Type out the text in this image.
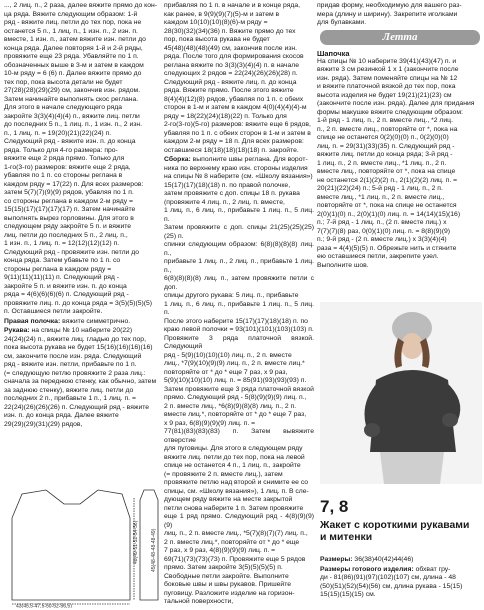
..., 2 лиц. п., 2 раза, далее вяжите прямо до кон-
ца ряда. Вяжите следующим образом: 1-й
ряд - вяжите лиц. петли до тех пор, пока не
останется 5 п., 1 лиц. п., 1 изн. п., 2 изн. п.
вместе, 1 изн. п., затем вяжите изн. петли до
конца ряда. Далее повторяя 1-й и 2-й ряды,
провяжите еще 23 ряда. Убавляйте по 1 п.
обозначенных выше в 3-м и затем в каждом
10-м ряду = 6 (6) п. Далее вяжите прямо до
тех пор, пока высота детали не будет
27(28)(28)(29)(29) см, закончив изн. рядом.
Затем начинайте выполнять скос реглана.
Для этого в начале следующего ряда
закройте 3(3)(4)(4)(4) п., вяжите лиц. петли
до последних 5 п., 1 лиц. п., 1 изн. п., 2 изн.
п., 1 лиц. п. = 19(20)(21)(22)(24) п.
Следующий ряд - вяжите изн. п. до конца
ряда. Только для 4-го размера: про-
вяжите еще 2 ряда прямо. Только для
1-го(3-го) размеров: вяжите еще 2 ряда,
убавляя по 1 п. со стороны реглана в
каждом ряду = 17(22) п. Для всех размеров:
затем 5(7)(7)(9)(9) рядов, убавляя по 1 п.
со стороны реглана в каждом 2-м ряду =
15(15)(17)(17)(17)(17) п. Затем начинайте
выполнять вырез горловины. Для этого в
следующем ряду закройте 5 п. и вяжите
лиц. петли до последних 5 п., 2 лиц. п.,
1 изн. п., 1 лиц. п. = 12(12)(12)(12) п.
Следующий ряд - провяжите изн. петли до
конца ряда. Затем убавьте по 1 п. со
стороны реглана в каждом ряду =
9(11)(11)(11)(11) п. Следующий ряд -
закройте 5 п. и вяжите изн. п. до конца
ряда = 4(6)(6)(6)(6) п. Следующий ряд -
провяжите лиц. п. до конца ряда = 3(5)(5)(5)(5)
п. Оставшиеся петли закройте.

Правая полочка: вяжите симметрично.

Рукава: на спицы № 10 наберите 20(22)
24(24)(24) п., вяжите лиц. гладью до тех пор,
пока высота рукава не будет 15(16)(16)(16)(16)
см, закончите после изн. ряда. Следующий
ряд - вяжите изн. петли, прибавьте по 1 п.
(= следующую петлю провяжите 2 раза лиц.:
сначала за переднюю стенку, как обычно, затем
за заднюю стенку), вяжите лиц. петли до
последних 2 п., прибавьте 1 п., 1 лиц. п. =
22(24)(26)(26)(26) п. Следующий ряд - вяжите
изн. п. до конца ряда. Далее вяжите
29(29)(29)(31)(29) рядов,

48(49-51-52-54-56) 45(48-48-48-48-49)
43(45,5-47,5-50-52-56,5)

прибавляя по 1 п. в начале и в конце ряда,
как ранее, в 9(9)(9)(7)(5)-м и затем в
каждом 10(10)(10)(8)(6)-м ряду =
28(30)(32)(34)(36) п. Вяжите прямо до тех
пор, пока высота рукава не будет
45(48)(48)(48)(49) см, закончив после изн.
ряда. После того для формирования скосов
реглана вяжите по 3(3)(3)(4)(4) п. в начале
следующих 2 рядов = 22(24)(26)(26)(28) п.
Следующий ряд - вяжите лиц. п. до конца
ряда. Вяжите прямо. После этого вяжите
8(4)(4)(12)(8) рядов, убавляя по 1 п. с обеих
сторон в 1-м и затем в каждом 4(0)(4)(4)(4)-м
ряду = 18(22)(24)(18)(22) п. Только для
2-го(3-го)(5-го) размеров: вяжите еще 6 рядов,
убавляя по 1 п. с обеих сторон в 1-м и затем в
каждом 2-м ряду = 18 п. Для всех размеров:
оставшиеся 18(18)(18)(18)(18) п. закройте.

Сборка: выполните швы реглана. Для ворот-
ника по верхнему краю изн. стороны изделия
на спицы № 8 наберите (см. «Школу вязания»)
15(17)(17)(18)(18) п. по правой полочке,
затем провяжите с доп. спицы 18 п. рукава
(провяжите 4 лиц. п., 2 лиц. п. вместе,
1 лиц. п., 6 лиц. п., прибавьте 1 лиц. п., 5 лиц. п.
Затем провяжите с доп. спицы 21(25)(25)(25)(25) п.
спинки следующим образом: 6(8)(8)(8)(8) лиц. п.,
прибавьте 1 лиц. п., 2 лиц. п., прибавьте 1 лиц. п.,
6(8)(8)(8)(8) лиц. п., затем провяжите петли с доп.
спицы другого рукава: 5 лиц. п., прибавьте
1 лиц. п., 6 лиц. п., прибавьте 1 лиц. п., 5 лиц. п.
После этого наберите 15(17)(17)(18)(18) п. по
краю левой полочки = 93(101)(101)(103)(103) п.
Провяжите 3 ряда платочной вязкой. Следующий
ряд - 5(9)(10)(10)(10) лиц. п., 2 п. вместе
лиц., *7(9)(10)(9)(9) лиц. п., 2 п. вместе лиц.*
повторяйте от * до * еще 7 раз, x 9 раз,
5(9)(10)(10)(10) лиц. п. = 85(91)(93)(93)(93) п.
Затем провяжите еще 3 ряда платочной вязкой
прямо. Следующий ряд - 5(8)(9)(9)(9) лиц. п.,
2 п. вместе лиц., *6(8)(9)(8)(8) лиц. п., 2 п.
вместе лиц.*, повторяйте от * до * еще 7 раз,
x 9 раз, 6(8)(9)(9)(9) лиц. п. =
77(81)(83)(83)(83) п. Затем вывяжите отверстие
для пуговицы. Для этого в следующем ряду
вяжите лиц. петли до тех пор, пока на левой
спице не останется 4 п., 1 лиц. п., закройте
(= провяжите 2 п. вместе лиц.), затем
провяжите петлю над второй и снимите ее со
спицы, см. «Школу вязания»), 1 лиц. п. В сле-
дующем ряду вяжите на месте закрытой
петли снова наберите 1 п. Затем провяжите
еще 1 ряд прямо. Следующий ряд - 4(8)(9)(9)(9)
лиц. п., 2 п. вместе лиц., *5(7)(8)(7)(7) лиц. п.,
2 п. вместе лиц.*, повторяйте от * до * еще
7 раз, x 9 раз, 4(8)(9)(9)(9) лиц. п. =
69(71)(73)(73)(73) п. Провяжите еще 5 рядов
прямо. Затем закройте 3(5)(5)(5)(5) п.
Свободные петли закройте. Выполните
боковые швы и швы рукавов. Пришейте
пуговицу. Разложите изделие на горизон-
тальной поверхности,

придав форму, необходимую для вашего раз-
мера (длину и ширину). Закрепите иголками
для булавками.

Шапочка

На спицы № 10 наберите 39(41)(43)(47) п. и
вяжите 3 см резинкой 1 х 1 (закончите после
изн. ряда). Затем поменяйте спицы на № 12
и вяжите платочной вязкой до тех пор, пока
высота изделия не будет 19(21)(21)(23) см
(закончите после изн. ряда). Далее для придания
формы макушке вяжите следующим образом:
1-й ряд - 1 лиц. п., 2 п. вместе лиц., *2 лиц.
п., 2 п. вместе лиц., повторяйте от *, пока на
спице не останется 0(2)(0)(0) п., 0(2)(0)(0)
лиц. п. = 29(31)(33)(35) п. Следующий ряд -
вяжите лиц. петли до конца ряда; 3-й ряд -
1 лиц. п., 2 п. вместе лиц., *1 лиц. п., 2 п.
вместе лиц., повторяйте от *, пока на спице
не останется 2(1)(2)(2) п., 2(1)(2)(2) лиц. п. =
20(21)(22)(24) п.; 5-й ряд - 1 лиц. п., 2 п.
вместе лиц., *1 лиц. п., 2 п. вместе лиц.,
повторяйте от *, пока на спице не останется
2(0)(1)(0) п., 2(0)(1)(0) лиц. п. = 14(14)(15)(16)
п.; 7-й ряд - 1 лиц. п., (2 п. вместе лиц.) x
7(7)(7)(8) раз, 0(0)(1)(0) лиц. п. = 8(8)(9)(9)
п.; 9-й ряд - (2 п. вместе лиц.) x 3(3)(4)(4)
раза = 4(4)(5)(5) п. Обрежьте нить и стяните
ею оставшиеся петли, закрепите узел.
Выполните шов.

Летта
7, 8
Жакет с короткими рукавами
и митенки

Размеры: 36(38)40(42)44(46)

Размеры готового изделия: обхват гру-
ди - 81(86)(91)(97)(102)(107) см, длина - 48
(50)(51)(52)(54)(56) см, длина рукава - 15(15)
15(15)(15)(15) см.
